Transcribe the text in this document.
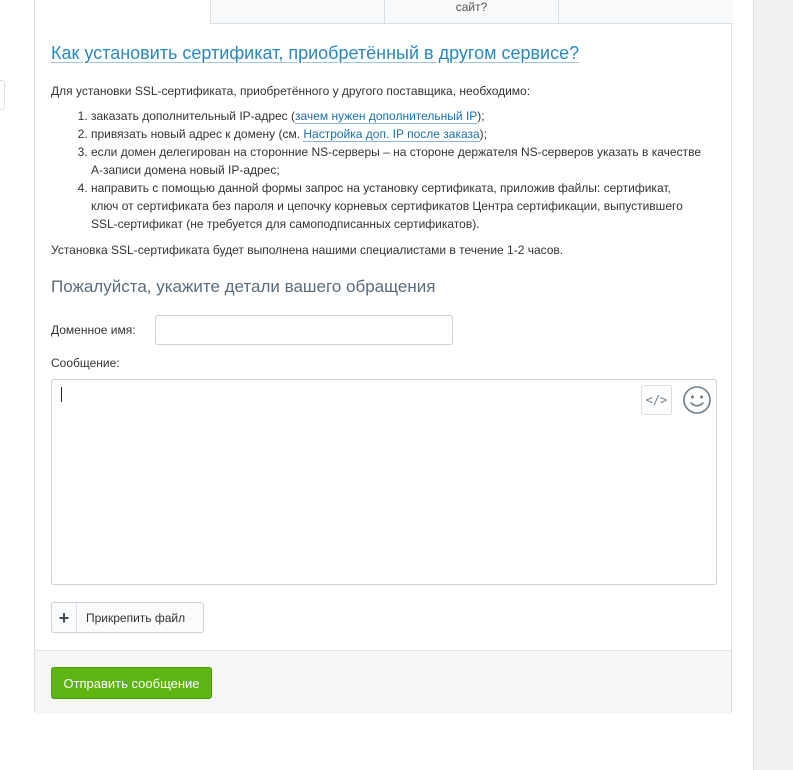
сайт?
Как установить сертификат, приобретённый в другом сервисе?

Для установки SSL-сертификата, приобретённого у другого поставщика, необходимо:

1. заказать дополнительный IP-адрес (зачем нужен дополнительный IP);
2. привязать новый адрес к домену (см. Настройка доп. IP после заказа);
3. если домен делегирован на сторонние NS-серверы – на стороне держателя NS-серверов указать в качестве A-записи домена новый IP-адрес;
4. направить с помощью данной формы запрос на установку сертификата, приложив файлы: сертификат, ключ от сертификата без пароля и цепочку корневых сертификатов Центра сертификации, выпустившего SSL-сертификат (не требуется для самоподписанных сертификатов).

Установка SSL-сертификата будет выполнена нашими специалистами в течение 1-2 часов.

Пожалуйста, укажите детали вашего обращения
Доменное имя:
Сообщение:
</>
+	Прикрепить файл
Отправить сообщение
